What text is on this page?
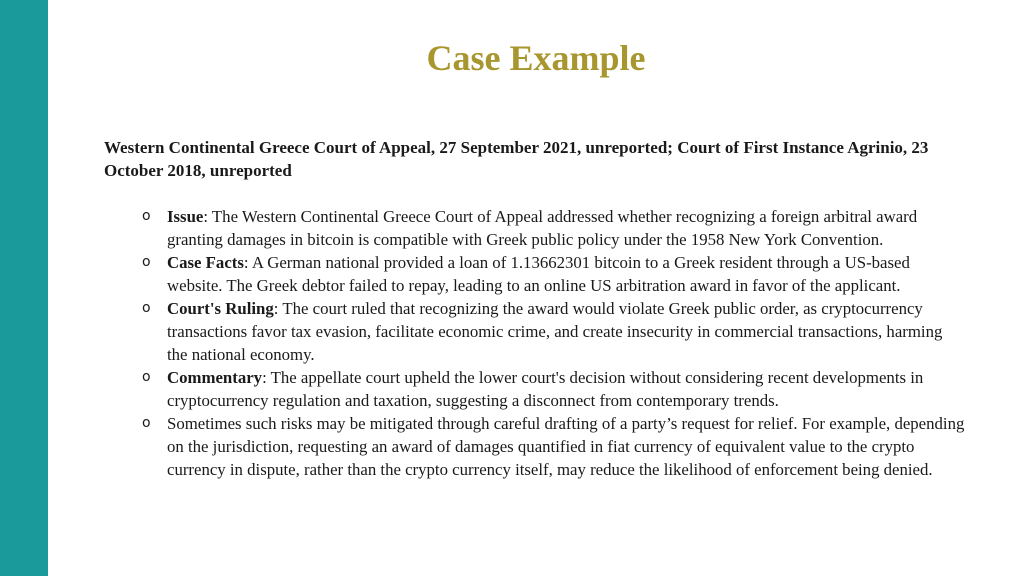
Case Example
Western Continental Greece Court of Appeal, 27 September 2021, unreported; Court of First Instance Agrinio, 23 October 2018, unreported
o Issue: The Western Continental Greece Court of Appeal addressed whether recognizing a foreign arbitral award granting damages in bitcoin is compatible with Greek public policy under the 1958 New York Convention.
o Case Facts: A German national provided a loan of 1.13662301 bitcoin to a Greek resident through a US-based website. The Greek debtor failed to repay, leading to an online US arbitration award in favor of the applicant.
o Court's Ruling: The court ruled that recognizing the award would violate Greek public order, as cryptocurrency transactions favor tax evasion, facilitate economic crime, and create insecurity in commercial transactions, harming the national economy.
o Commentary: The appellate court upheld the lower court's decision without considering recent developments in cryptocurrency regulation and taxation, suggesting a disconnect from contemporary trends.
o Sometimes such risks may be mitigated through careful drafting of a party’s request for relief. For example, depending on the jurisdiction, requesting an award of damages quantified in fiat currency of equivalent value to the crypto currency in dispute, rather than the crypto currency itself, may reduce the likelihood of enforcement being denied.
